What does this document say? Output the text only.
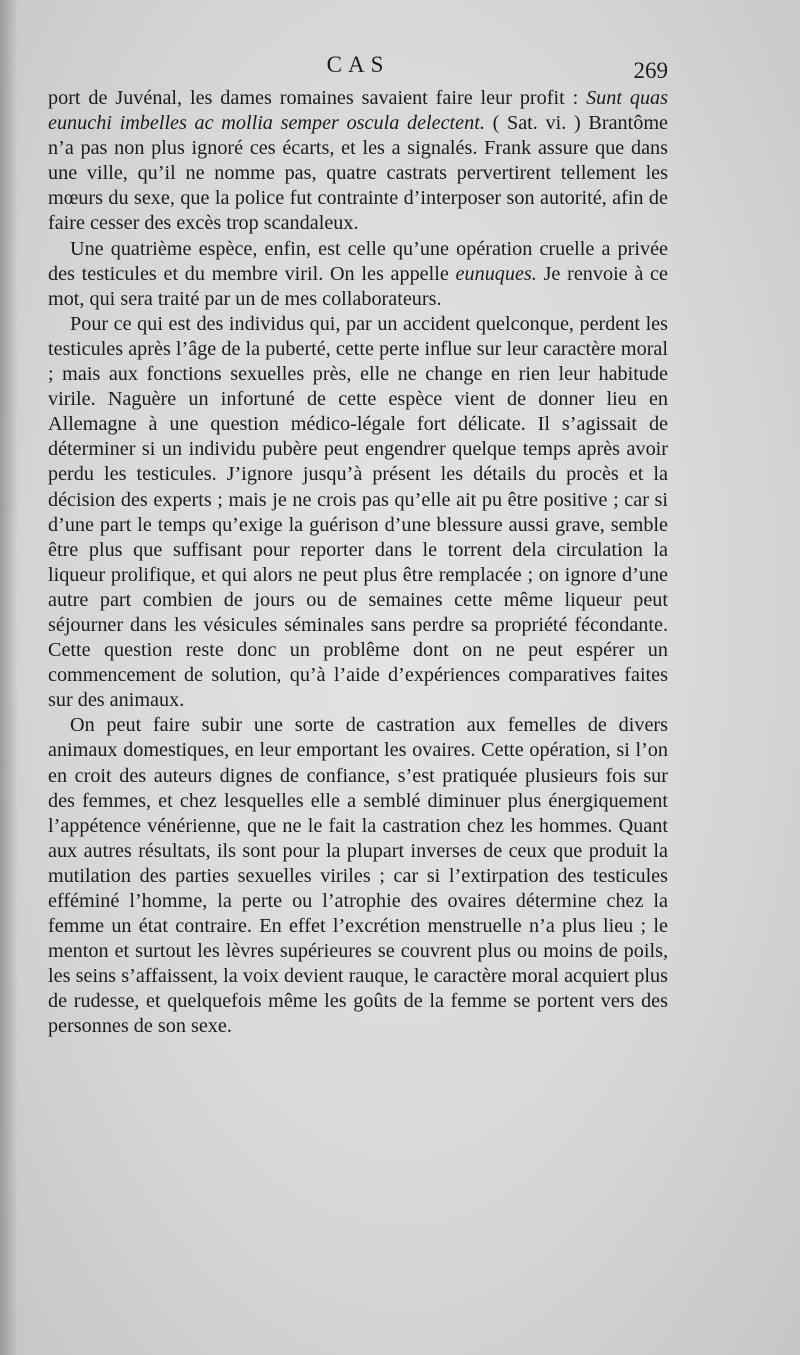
CAS	269

port de Juvénal, les dames romaines savaient faire leur profit : Sunt quas eunuchi imbelles ac mollia semper oscula delectent. ( Sat. vi. ) Brantôme n’a pas non plus ignoré ces écarts, et les a signalés. Frank assure que dans une ville, qu’il ne nomme pas, quatre castrats pervertirent tellement les mœurs du sexe, que la police fut contrainte d’interposer son autorité, afin de faire cesser des excès trop scandaleux.

Une quatrième espèce, enfin, est celle qu’une opération cruelle a privée des testicules et du membre viril. On les appelle eunuques. Je renvoie à ce mot, qui sera traité par un de mes collaborateurs.

Pour ce qui est des individus qui, par un accident quelconque, perdent les testicules après l’âge de la puberté, cette perte influe sur leur caractère moral ; mais aux fonctions sexuelles près, elle ne change en rien leur habitude virile. Naguère un infortuné de cette espèce vient de donner lieu en Allemagne à une question médico-légale fort délicate. Il s’agissait de déterminer si un individu pubère peut engendrer quelque temps après avoir perdu les testicules. J’ignore jusqu’à présent les détails du procès et la décision des experts ; mais je ne crois pas qu’elle ait pu être positive ; car si d’une part le temps qu’exige la guérison d’une blessure aussi grave, semble être plus que suffisant pour reporter dans le torrent dela circulation la liqueur prolifique, et qui alors ne peut plus être remplacée ; on ignore d’une autre part combien de jours ou de semaines cette même liqueur peut séjourner dans les vésicules séminales sans perdre sa propriété fécondante. Cette question reste donc un problême dont on ne peut espérer un commencement de solution, qu’à l’aide d’expériences comparatives faites sur des animaux.

On peut faire subir une sorte de castration aux femelles de divers animaux domestiques, en leur emportant les ovaires. Cette opération, si l’on en croit des auteurs dignes de confiance, s’est pratiquée plusieurs fois sur des femmes, et chez lesquelles elle a semblé diminuer plus énergiquement l’appétence vénérienne, que ne le fait la castration chez les hommes. Quant aux autres résultats, ils sont pour la plupart inverses de ceux que produit la mutilation des parties sexuelles viriles ; car si l’extirpation des testicules efféminé l’homme, la perte ou l’atrophie des ovaires détermine chez la femme un état contraire. En effet l’excrétion menstruelle n’a plus lieu ; le menton et surtout les lèvres supérieures se couvrent plus ou moins de poils, les seins s’affaissent, la voix devient rauque, le caractère moral acquiert plus de rudesse, et quelquefois même les goûts de la femme se portent vers des personnes de son sexe.
